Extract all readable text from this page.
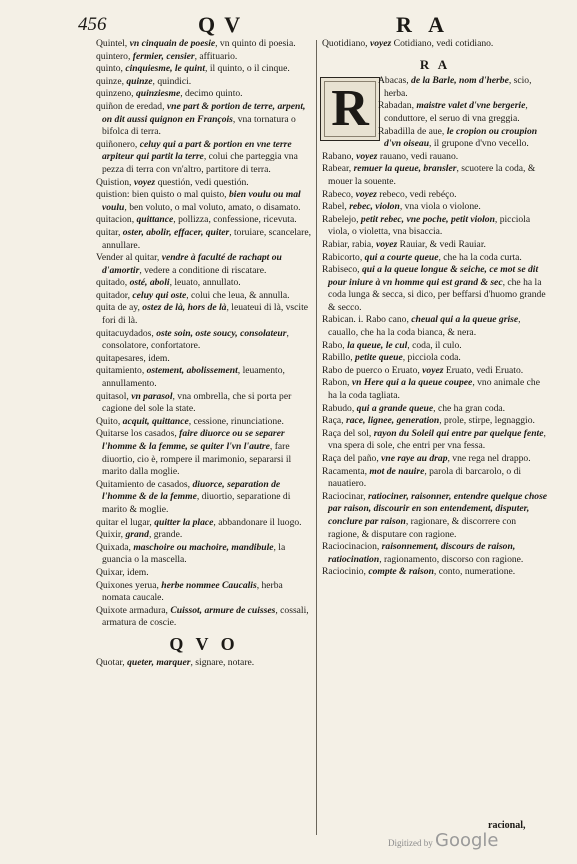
456	Q V	R A

Quintel, vn cinquain de poesie, vn quinto di poesia.

quintero, fermier, censier, affituario.

quinto, cinquiesme, le quint, il quinto, o il cinque.

quinze, quinze, quindici.

quinzeno, quinziesme, decimo quinto.

quiñon de eredad, vne part & portion de terre, arpent, on dit aussi quignon en François, vna tornatura o bifolca di terra.

quiñonero, celuy qui a part & portion en vne terre arpiteur qui partit la terre, colui che parteggia vna pezza di terra con vn'altro, partitore di terra.

Quistion, voyez questión, vedi questión.

quistion: bien quisto o mal quisto, bien voulu ou mal voulu, ben voluto, o mal voluto, amato, o disamato.

quitacion, quittance, pollizza, confessione, ricevuta.

quitar, oster, abolir, effacer, quiter, toruiare, scancelare, annullare.

Vender al quitar, vendre à faculté de rachapt ou d'amortir, vedere a conditione di riscatare.

quitado, osté, aboli, leuato, annullato.

quitador, celuy qui oste, colui che leua, & annulla.

quita de ay, ostez de là, hors de là, leuateui di là, vscite fori di là.

quitacuydados, oste soin, oste soucy, consolateur, consolatore, confortatore.

quitapesares, idem.

quitamiento, ostement, abolissement, leuamento, annullamento.

quitasol, vn parasol, vna ombrella, che si porta per cagione del sole la state.

Quito, acquit, quittance, cessione, rinunciatione.

Quitarse los casados, faire diuorce ou se separer l'homme & la femme, se quiter l'vn l'autre, fare diuortio, cio è, rompere il marimonio, separarsi il marito dalla moglie.

Quitamiento de casados, diuorce, separation de l'homme & de la femme, diuortio, separatione di marito & moglie.

quitar el lugar, quitter la place, abbandonare il luogo.

Quixir, grand, grande.

Quixada, maschoire ou machoire, mandibule, la guancia o la mascella.

Quixar, idem.

Quixones yerua, herbe nommee Caucalis, herba nomata caucale.

Quixote armadura, Cuissot, armure de cuisses, cossali, armatura de coscie.

Q V O

Quotar, queter, marquer, signare, notare.

Quotidiano, voyez Cotidiano, vedi cotidiano.

R A
R Abacas, de la Barle, nom d'herbe, scio, herba.

Rabadan, maistre valet d'vne bergerie, conduttore, el seruo di vna greggia.

Rabadilla de aue, le cropion ou croupion d'vn oiseau, il grupone d'vno vecello.

Rabano, voyez rauano, vedi rauano.

Rabear, remuer la queue, bransler, scuotere la coda, & mouer la souente.

Rabeco, voyez rebeco, vedi rebéço.

Rabel, rebec, violon, vna viola o violone.

Rabelejo, petit rebec, vne poche, petit violon, picciola viola, o violetta, vna bisaccia.

Rabiar, rabia, voyez Rauiar, & vedi Rauiar.

Rabicorto, qui a courte queue, che ha la coda curta.

Rabiseco, qui a la queue longue & seiche, ce mot se dit pour iniure à vn homme qui est grand & sec, che ha la coda lunga & secca, si dico, per beffarsi d'huomo grande & secco.

Rabican. i. Rabo cano, cheual qui a la queue grise, cauallo, che ha la coda bianca, & nera.

Rabo, la queue, le cul, coda, il culo.

Rabillo, petite queue, picciola coda.

Rabo de puerco o Eruato, voyez Eruato, vedi Eruato.

Rabon, vn Here qui a la queue coupee, vno animale che ha la coda tagliata.

Rabudo, qui a grande queue, che ha gran coda.

Raça, race, lignee, generation, prole, stirpe, legnaggio.

Raça del sol, rayon du Soleil qui entre par quelque fente, vna spera di sole, che entri per vna fessa.

Raça del paño, vne raye au drap, vne rega nel drappo.

Racamenta, mot de nauire, parola di barcarolo, o di nauatiero.

Raciocinar, ratiociner, raisonner, entendre quelque chose par raison, discourir en son entendement, disputer, conclure par raison, ragionare, & discorrere con ragione, & disputare con ragione.

Raciocinacion, raisonnement, discours de raison, ratiocination, ragionamento, discorso con ragione.

Raciocinio, compte & raison, conto, numeratione.

racional,
Digitized by Google
